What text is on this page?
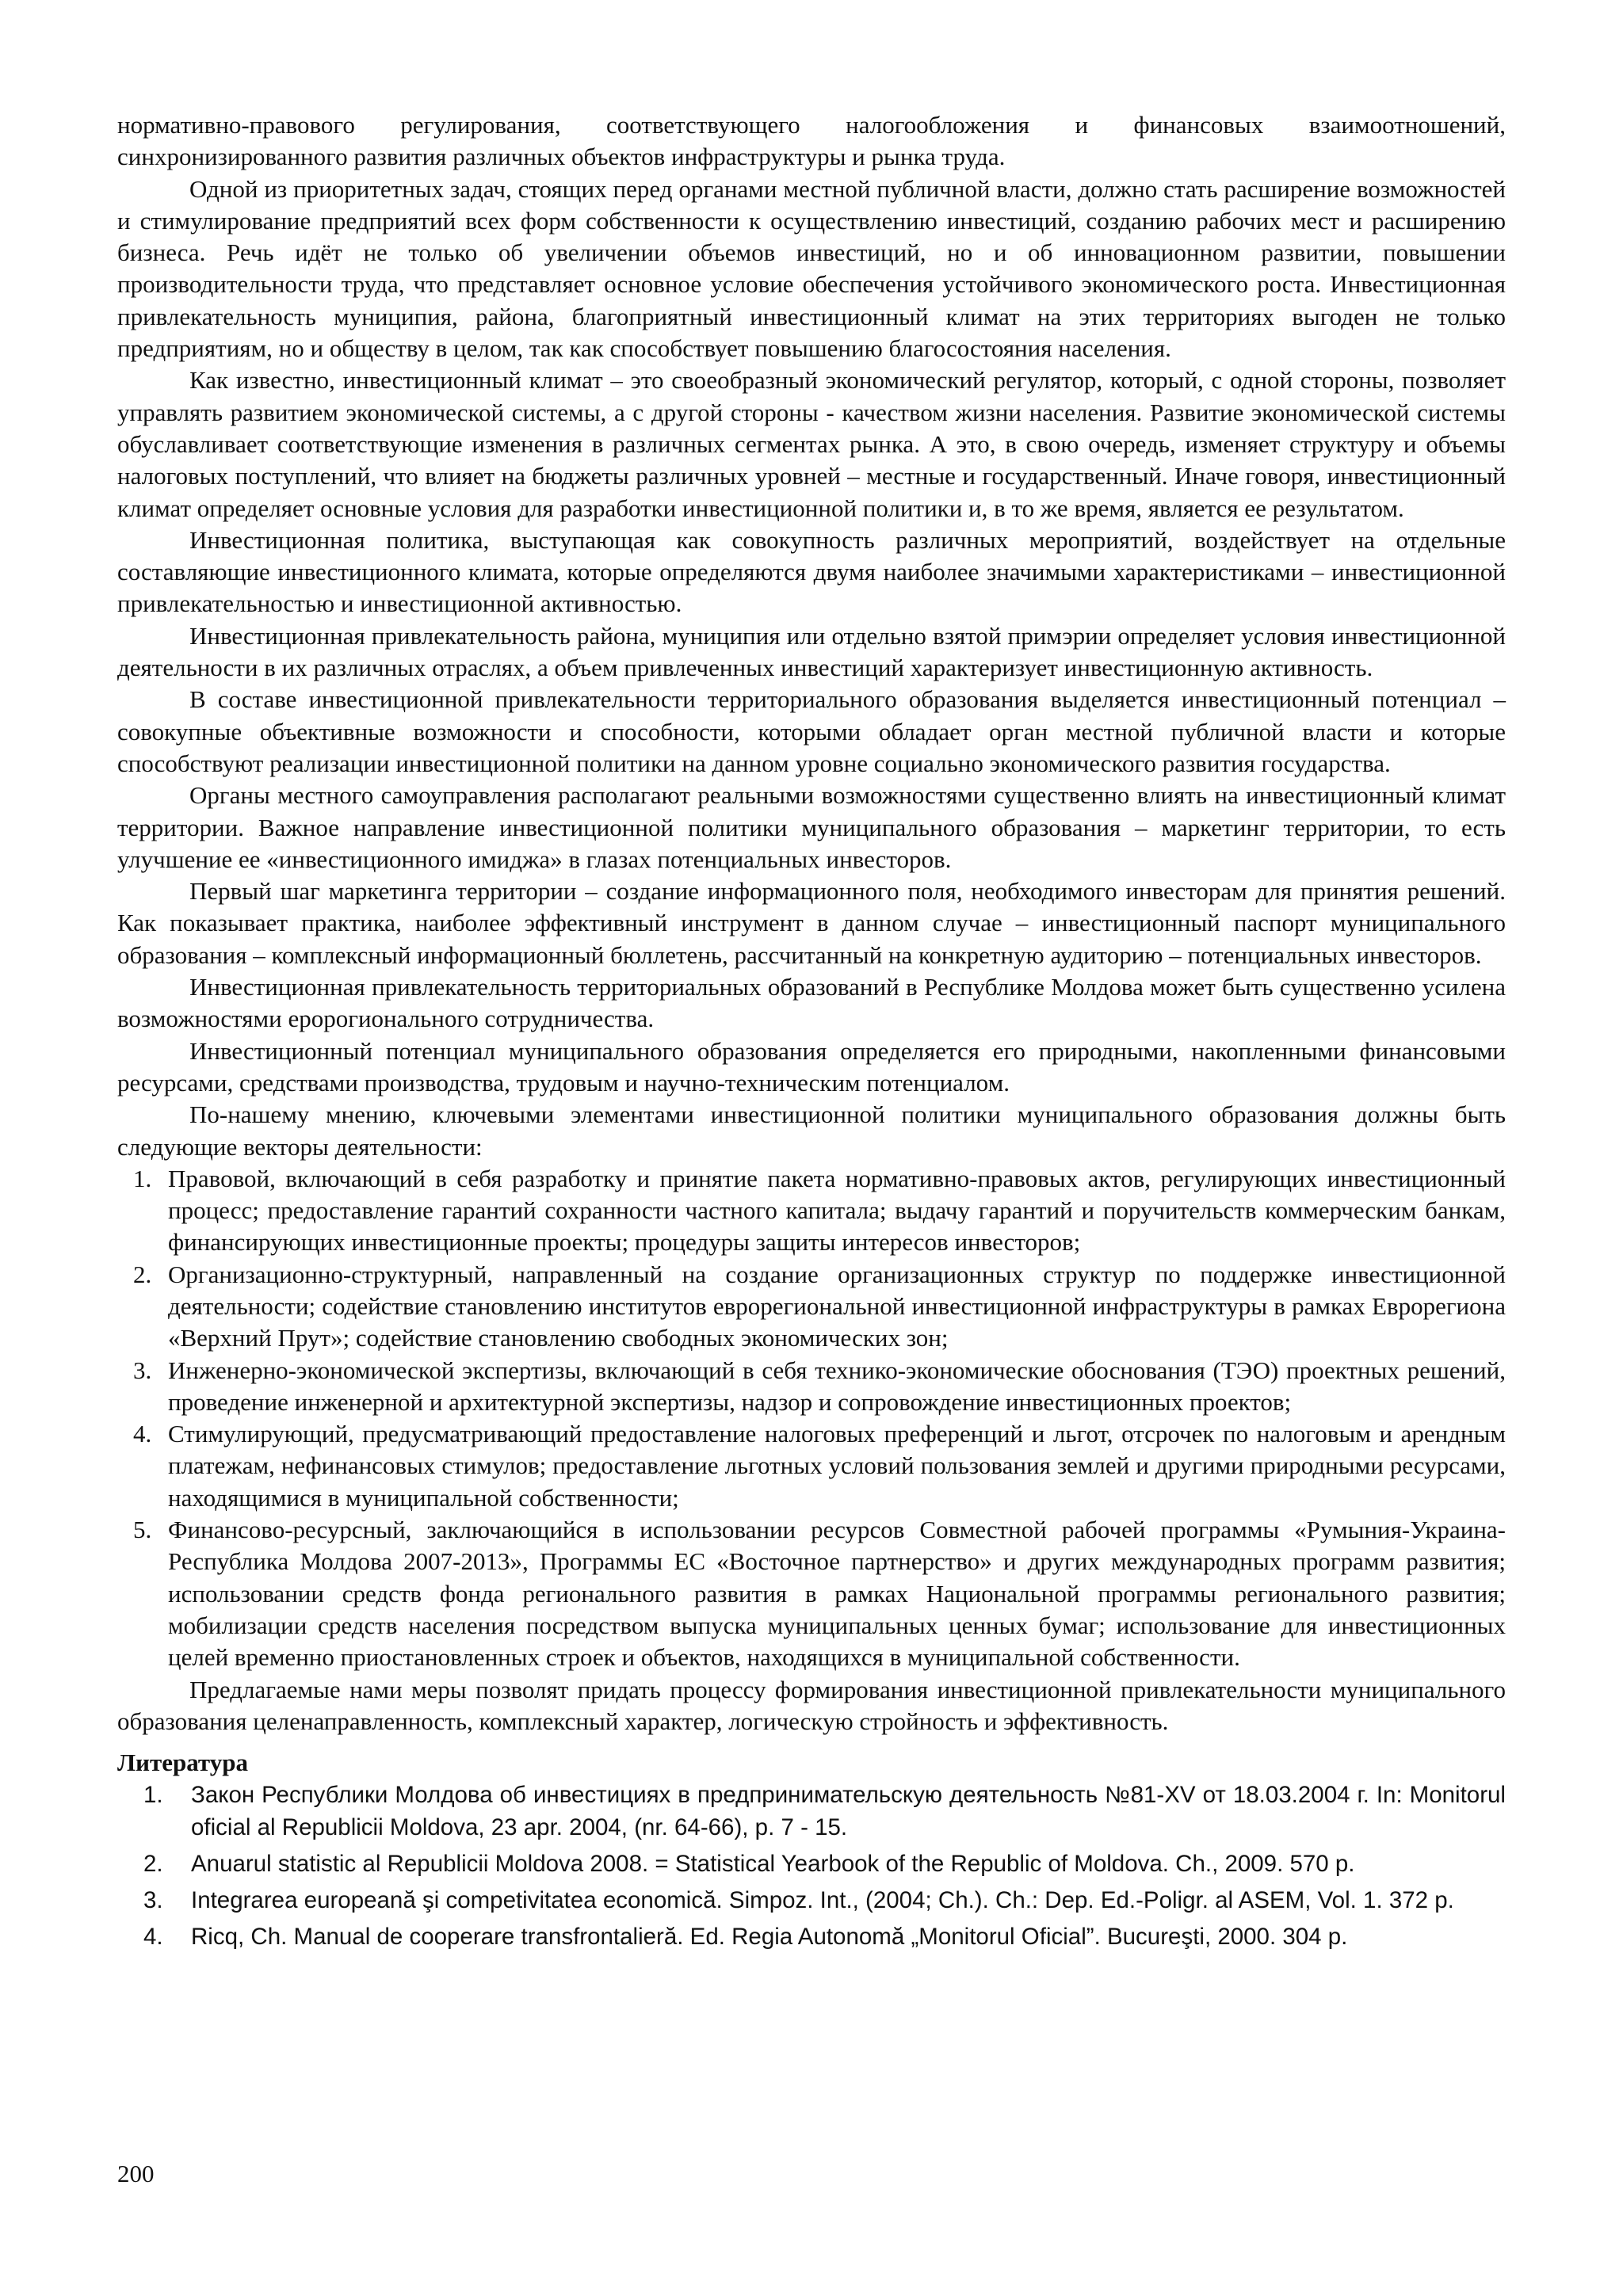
нормативно-правового регулирования, соответствующего налогообложения и финансовых взаимоотношений, синхронизированного развития различных объектов инфраструктуры и рынка труда.

Одной из приоритетных задач, стоящих перед органами местной публичной власти, должно стать расширение возможностей и стимулирование предприятий всех форм собственности к осуществлению инвестиций, созданию рабочих мест и расширению бизнеса. Речь идёт не только об увеличении объемов инвестиций, но и об инновационном развитии, повышении производительности труда, что представляет основное условие обеспечения устойчивого экономического роста. Инвестиционная привлекательность муниципия, района, благоприятный инвестиционный климат на этих территориях выгоден не только предприятиям, но и обществу в целом, так как способствует повышению благосостояния населения.

Как известно, инвестиционный климат – это своеобразный экономический регулятор, который, с одной стороны, позволяет управлять развитием экономической системы, а с другой стороны - качеством жизни населения. Развитие экономической системы обуславливает соответствующие изменения в различных сегментах рынка. А это, в свою очередь, изменяет структуру и объемы налоговых поступлений, что влияет на бюджеты различных уровней – местные и государственный. Иначе говоря, инвестиционный климат определяет основные условия для разработки инвестиционной политики и, в то же время, является ее результатом.

Инвестиционная политика, выступающая как совокупность различных мероприятий, воздействует на отдельные составляющие инвестиционного климата, которые определяются двумя наиболее значимыми характеристиками – инвестиционной привлекательностью и инвестиционной активностью.

Инвестиционная привлекательность района, муниципия или отдельно взятой примэрии определяет условия инвестиционной деятельности в их различных отраслях, а объем привлеченных инвестиций характеризует инвестиционную активность.

В составе инвестиционной привлекательности территориального образования выделяется инвестиционный потенциал – совокупные объективные возможности и способности, которыми обладает орган местной публичной власти и которые способствуют реализации инвестиционной политики на данном уровне социально экономического развития государства.

Органы местного самоуправления располагают реальными возможностями существенно влиять на инвестиционный климат территории. Важное направление инвестиционной политики муниципального образования – маркетинг территории, то есть улучшение ее «инвестиционного имиджа» в глазах потенциальных инвесторов.

Первый шаг маркетинга территории – создание информационного поля, необходимого инвесторам для принятия решений. Как показывает практика, наиболее эффективный инструмент в данном случае – инвестиционный паспорт муниципального образования – комплексный информационный бюллетень, рассчитанный на конкретную аудиторию – потенциальных инвесторов.

Инвестиционная привлекательность территориальных образований в Республике Молдова может быть существенно усилена возможностями еророгионального сотрудничества.

Инвестиционный потенциал муниципального образования определяется его природными, накопленными финансовыми ресурсами, средствами производства, трудовым и научно-техническим потенциалом.

По-нашему мнению, ключевыми элементами инвестиционной политики муниципального образования должны быть следующие векторы деятельности:

1. Правовой, включающий в себя разработку и принятие пакета нормативно-правовых актов, регулирующих инвестиционный процесс; предоставление гарантий сохранности частного капитала; выдачу гарантий и поручительств коммерческим банкам, финансирующих инвестиционные проекты; процедуры защиты интересов инвесторов;
2. Организационно-структурный, направленный на создание организационных структур по поддержке инвестиционной деятельности; содействие становлению институтов еврорегиональной инвестиционной инфраструктуры в рамках Еврорегиона «Верхний Прут»; содействие становлению свободных экономических зон;
3. Инженерно-экономической экспертизы, включающий в себя технико-экономические обоснования (ТЭО) проектных решений, проведение инженерной и архитектурной экспертизы, надзор и сопровождение инвестиционных проектов;
4. Стимулирующий, предусматривающий предоставление налоговых преференций и льгот, отсрочек по налоговым и арендным платежам, нефинансовых стимулов; предоставление льготных условий пользования землей и другими природными ресурсами, находящимися в муниципальной собственности;
5. Финансово-ресурсный, заключающийся в использовании ресурсов Совместной рабочей программы «Румыния-Украина-Республика Молдова 2007-2013», Программы ЕС «Восточное партнерство» и других международных программ развития; использовании средств фонда регионального развития в рамках Национальной программы регионального развития; мобилизации средств населения посредством выпуска муниципальных ценных бумаг; использование для инвестиционных целей временно приостановленных строек и объектов, находящихся в муниципальной собственности.

Предлагаемые нами меры позволят придать процессу формирования инвестиционной привлекательности муниципального образования целенаправленность, комплексный характер, логическую стройность и эффективность.

Литература

1. Закон Республики Молдова об инвестициях в предпринимательскую деятельность №81-XV от 18.03.2004 г. In: Monitorul oficial al Republicii Moldova, 23 apr. 2004, (nr. 64-66), p. 7 - 15.
2. Anuarul statistic al Republicii Moldova 2008. = Statistical Yearbook of the Republic of Moldova. Ch., 2009. 570 p.
3. Integrarea europeană şi competivitatea economică. Simpoz. Int., (2004; Ch.). Ch.: Dep. Ed.-Poligr. al ASEM, Vol. 1. 372 p.
4. Ricq, Ch. Manual de cooperare transfrontalieră. Ed. Regia Autonomă „Monitorul Oficial”. Bucureşti, 2000. 304 p.
200
